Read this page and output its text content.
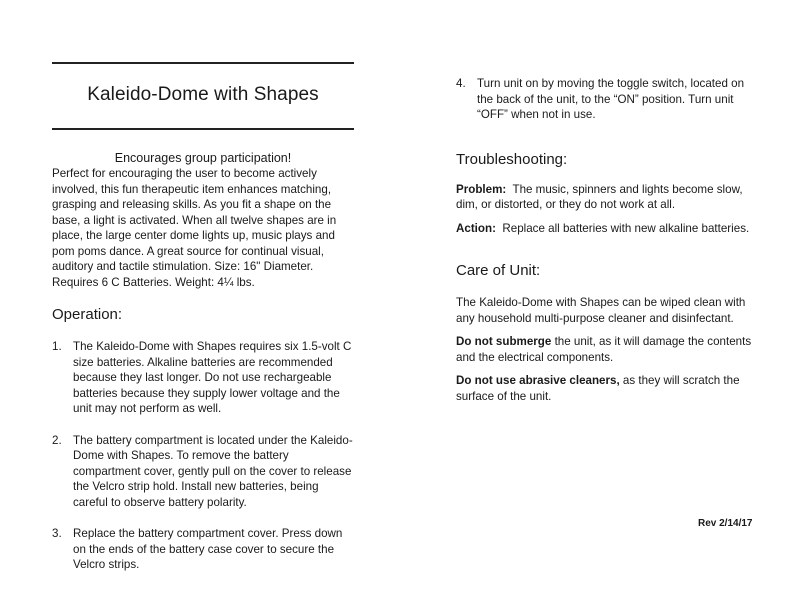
Kaleido-Dome with Shapes
Encourages group participation!
Perfect for encouraging the user to become actively involved, this fun therapeutic item enhances matching, grasping and releasing skills. As you fit a shape on the base, a light is activated. When all twelve shapes are in place, the large center dome lights up, music plays and pom poms dance. A great source for continual visual, auditory and tactile stimulation. Size: 16" Diameter. Requires 6 C Batteries. Weight: 4¼ lbs.
Operation:
1. The Kaleido-Dome with Shapes requires six 1.5-volt C size batteries. Alkaline batteries are recommended because they last longer. Do not use rechargeable batteries because they supply lower voltage and the unit may not perform as well.
2. The battery compartment is located under the Kaleido-Dome with Shapes. To remove the battery compartment cover, gently pull on the cover to release the Velcro strip hold. Install new batteries, being careful to observe battery polarity.
3. Replace the battery compartment cover. Press down on the ends of the battery case cover to secure the Velcro strips.
4. Turn unit on by moving the toggle switch, located on the back of the unit, to the “ON” position. Turn unit “OFF” when not in use.
Troubleshooting:
Problem: The music, spinners and lights become slow, dim, or distorted, or they do not work at all.
Action: Replace all batteries with new alkaline batteries.
Care of Unit:
The Kaleido-Dome with Shapes can be wiped clean with any household multi-purpose cleaner and disinfectant.
Do not submerge the unit, as it will damage the contents and the electrical components.
Do not use abrasive cleaners, as they will scratch the surface of the unit.
Rev 2/14/17
